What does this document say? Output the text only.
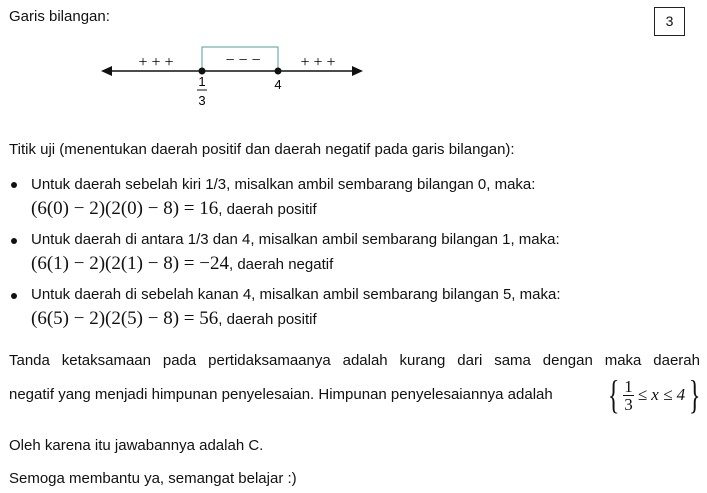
3
Garis bilangan:
+ + +	− − − + + +
1
3
4
Titik uji (menentukan daerah positif dan daerah negatif pada garis bilangan):
Untuk daerah sebelah kiri 1/3, misalkan ambil sembarang bilangan 0, maka:
(6(0) − 2)(2(0) − 8) = 16, daerah positif
Untuk daerah di antara 1/3 dan 4, misalkan ambil sembarang bilangan 1, maka:
(6(1) − 2)(2(1) − 8) = −24, daerah negatif
Untuk daerah di sebelah kanan 4, misalkan ambil sembarang bilangan 5, maka:
(6(5) − 2)(2(5) − 8) = 56, daerah positif
Tanda ketaksamaan pada pertidaksamaanya adalah kurang dari sama dengan maka daerah
negatif yang menjadi himpunan penyelesaian. Himpunan penyelesaiannya adalah { $\frac{1}{3} \le x \le 4$ }
Oleh karena itu jawabannya adalah C.
Semoga membantu ya, semangat belajar :)
